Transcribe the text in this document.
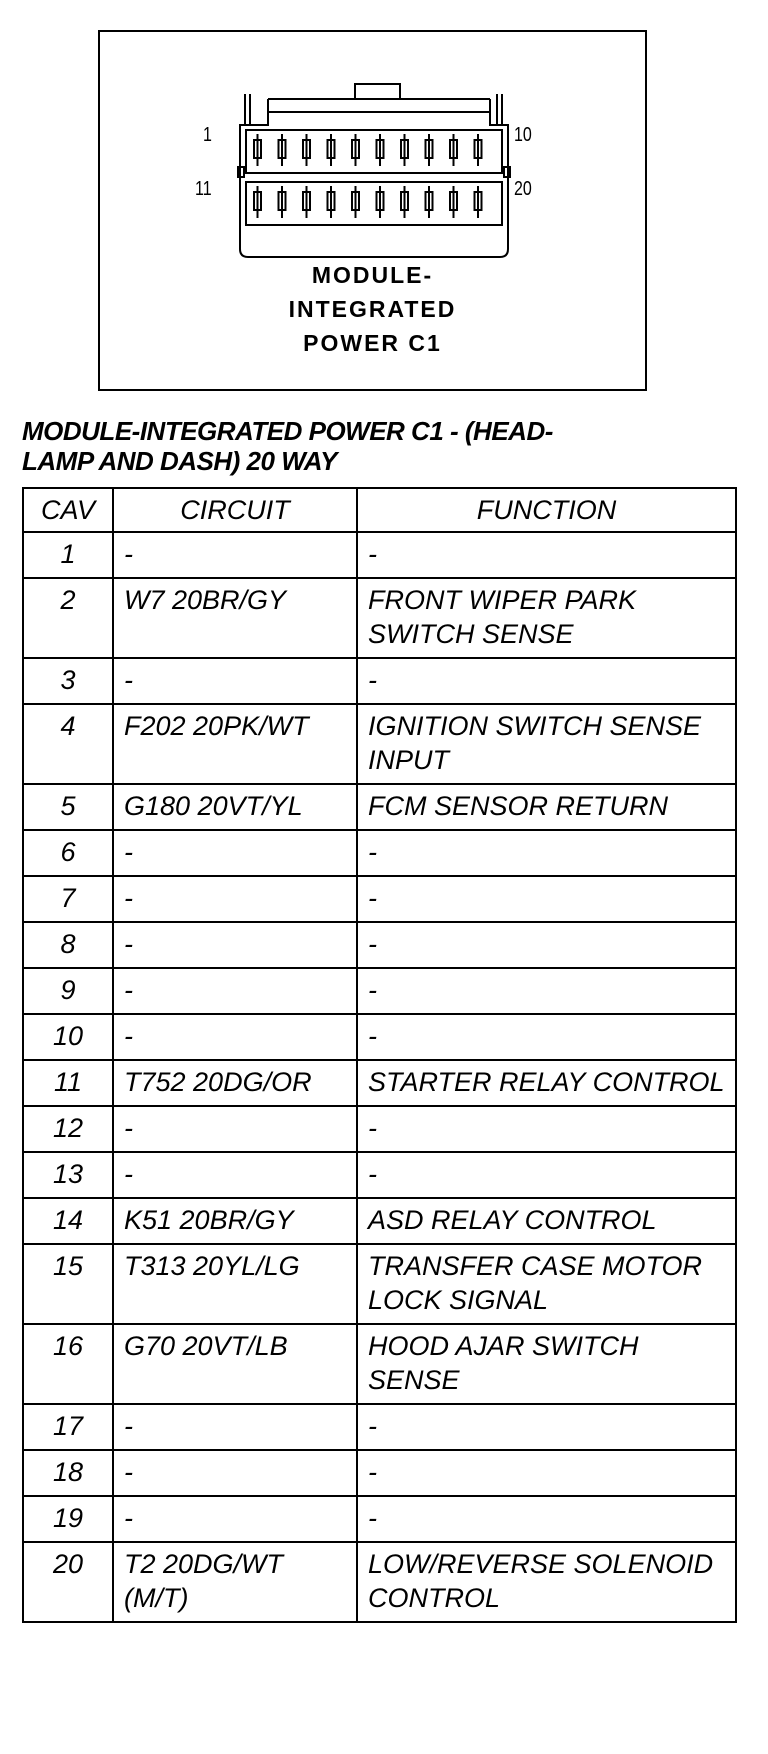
1	10
11	20
MODULE-
INTEGRATED
POWER C1
MODULE-INTEGRATED POWER C1 - (HEAD-
LAMP AND DASH) 20 WAY
CAV	CIRCUIT	FUNCTION
1	-	-
2	W7 20BR/GY	FRONT WIPER PARK SWITCH SENSE
3	-	-
4	F202 20PK/WT	IGNITION SWITCH SENSE INPUT
5	G180 20VT/YL	FCM SENSOR RETURN
6	-	-
7	-	-
8	-	-
9	-	-
10	-	-
11	T752 20DG/OR	STARTER RELAY CONTROL
12	-	-
13	-	-
14	K51 20BR/GY	ASD RELAY CONTROL
15	T313 20YL/LG	TRANSFER CASE MOTOR LOCK SIGNAL
16	G70 20VT/LB	HOOD AJAR SWITCH SENSE
17	-	-
18	-	-
19	-	-
20	T2 20DG/WT (M/T)	LOW/REVERSE SOLENOID CONTROL
